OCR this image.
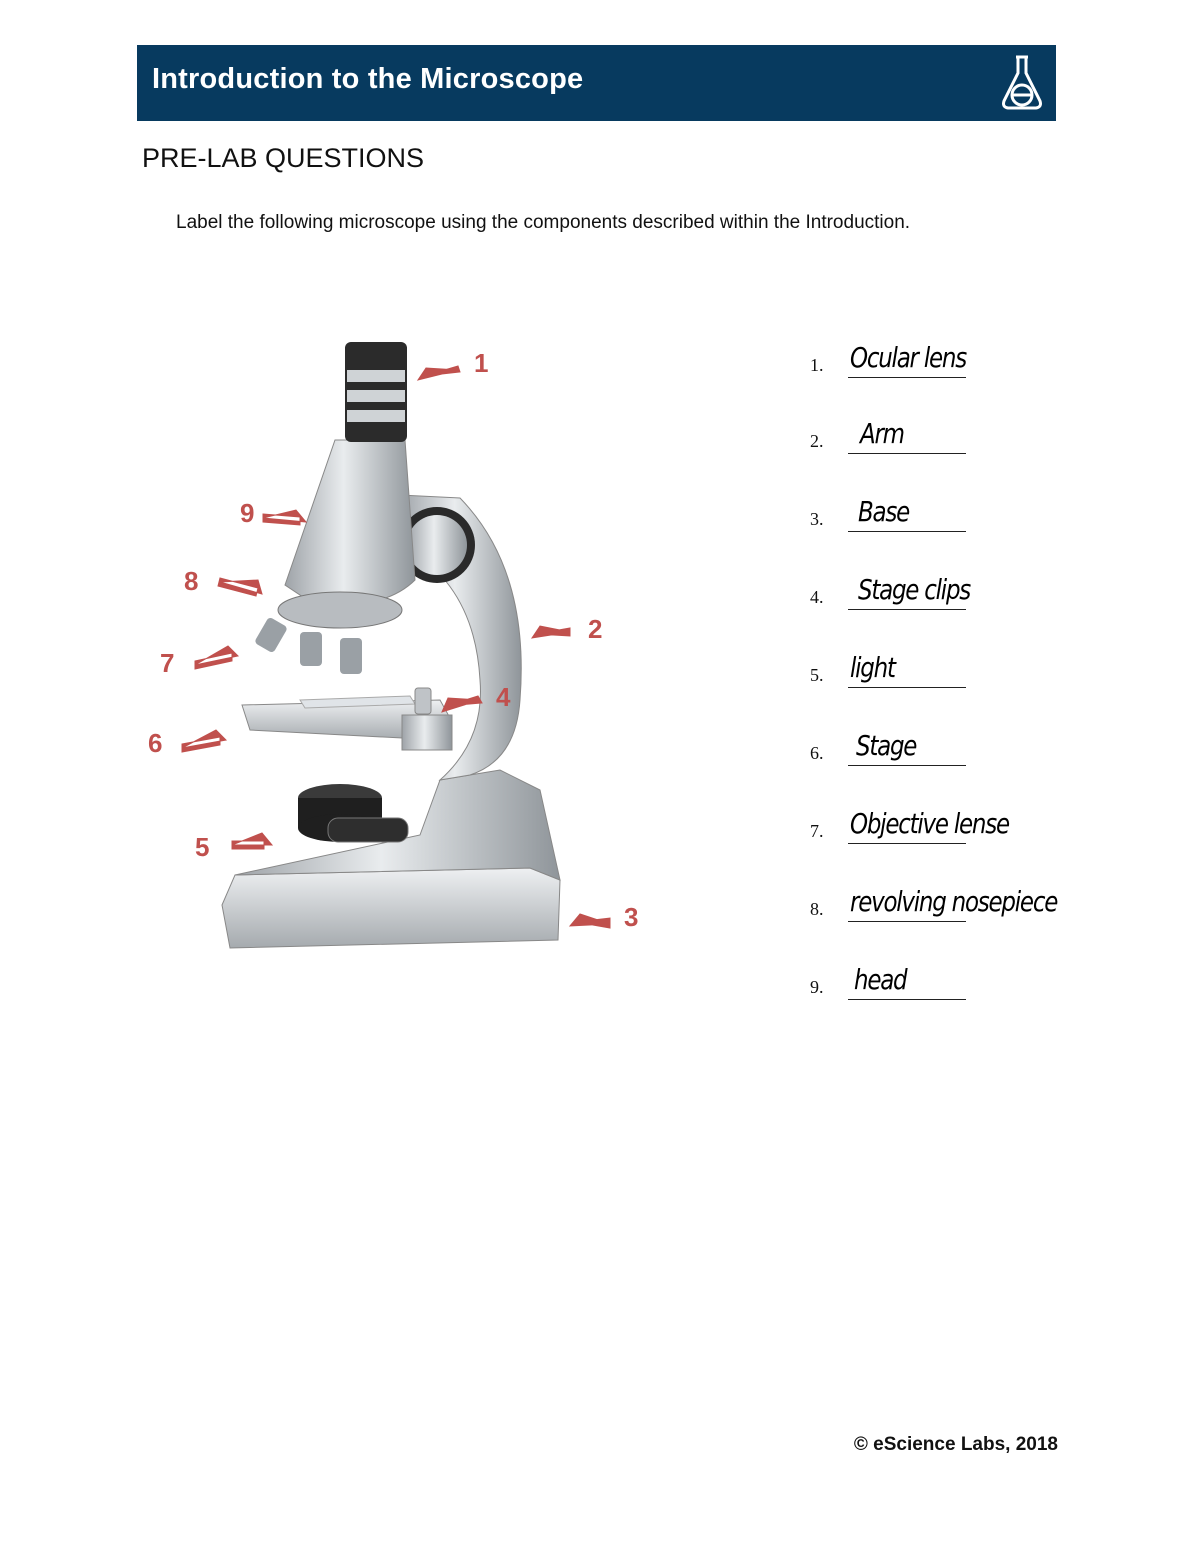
Introduction to the Microscope
PRE-LAB QUESTIONS
Label the following microscope using the components described within the Introduction.
1
2
3
4
5
6
7
8
9
1. Ocular lens
2. Arm
3. Base
4. Stage clips
5. light
6. Stage
7. Objective lense
8. revolving nosepiece
9. head
© eScience Labs, 2018
